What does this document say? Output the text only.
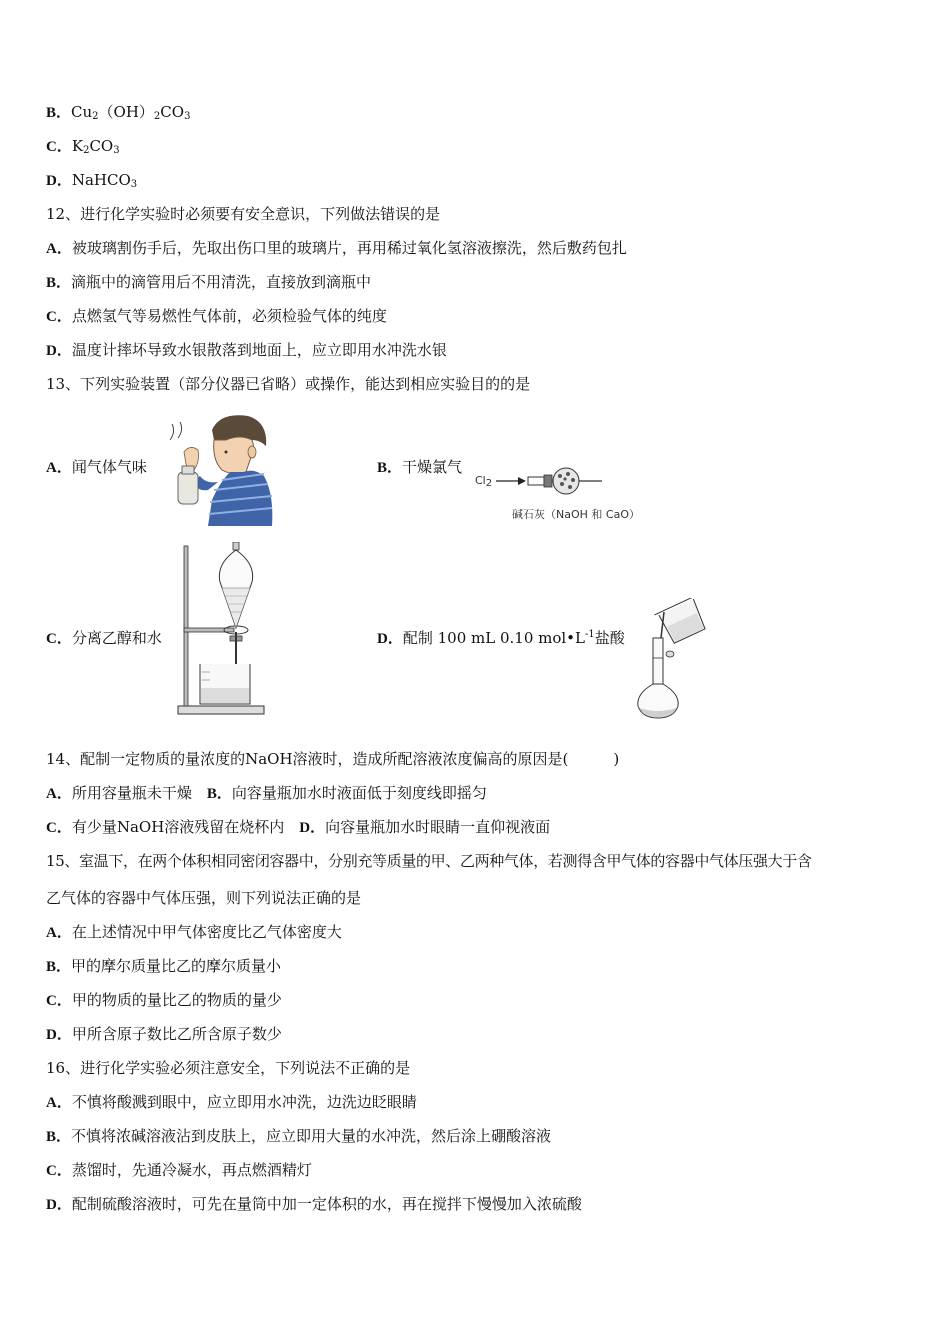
B．$Cu_2(OH)_2CO_3$
C．$K_2CO_3$
D．NaHCO$_3$
12、进行化学实验时必须要有安全意识，下列做法错误的是
A．被玻璃割伤手后，先取出伤口里的玻璃片，再用稀过氧化氢溶液擦洗，然后敷药包扎
B．滴瓶中的滴管用后不用清洗，直接放到滴瓶中
C．点燃氢气等易燃性气体前，必须检验气体的纯度
D．温度计摔坏导致水银散落到地面上，应立即用水冲洗水银
13、下列实验装置（部分仪器已省略）或操作，能达到相应实验目的的是
A．闻气体气味	B．干燥氯气
$Cl_2$
碱石灰（NaOH 和 CaO）
C．分离乙醇和水	D．配制 100 mL 0.10 $mol•L^{-1}$盐酸
14、配制一定物质的量浓度的NaOH溶液时，造成所配溶液浓度偏高的原因是(　　　)
A．所用容量瓶未干燥　B．向容量瓶加水时液面低于刻度线即摇匀
C．有少量NaOH溶液残留在烧杯内　D．向容量瓶加水时眼睛一直仰视液面
15、室温下，在两个体积相同密闭容器中，分别充等质量的甲、乙两种气体，若测得含甲气体的容器中气体压强大于含
乙气体的容器中气体压强，则下列说法正确的是
A．在上述情况中甲气体密度比乙气体密度大
B．甲的摩尔质量比乙的摩尔质量小
C．甲的物质的量比乙的物质的量少
D．甲所含原子数比乙所含原子数少
16、进行化学实验必须注意安全，下列说法不正确的是
A．不慎将酸溅到眼中，应立即用水冲洗，边洗边眨眼睛
B．不慎将浓碱溶液沾到皮肤上，应立即用大量的水冲洗，然后涂上硼酸溶液
C．蒸馏时，先通冷凝水，再点燃酒精灯
D．配制硫酸溶液时，可先在量筒中加一定体积的水，再在搅拌下慢慢加入浓硫酸
